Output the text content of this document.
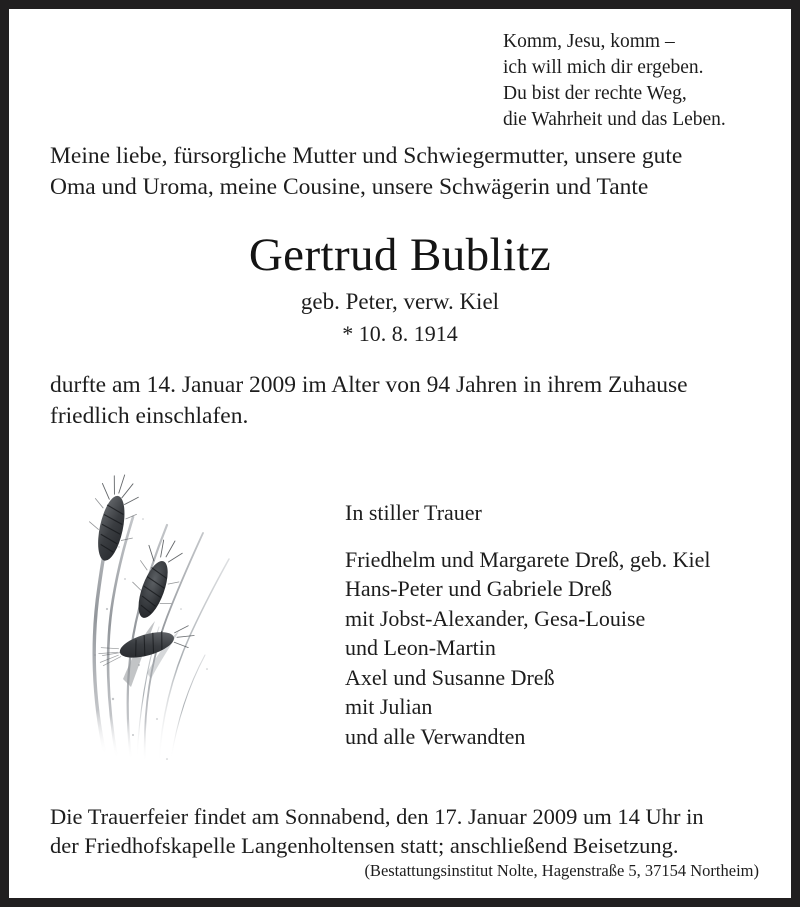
Komm, Jesu, komm –
ich will mich dir ergeben.
Du bist der rechte Weg,
die Wahrheit und das Leben.
Meine liebe, fürsorgliche Mutter und Schwiegermutter, unsere gute
Oma und Uroma, meine Cousine, unsere Schwägerin und Tante
Gertrud Bublitz
geb. Peter, verw. Kiel
* 10. 8. 1914
durfte am 14. Januar 2009 im Alter von 94 Jahren in ihrem Zuhause
friedlich einschlafen.
In stiller Trauer
Friedhelm und Margarete Dreß, geb. Kiel
Hans-Peter und Gabriele Dreß
mit Jobst-Alexander, Gesa-Louise
und Leon-Martin
Axel und Susanne Dreß
mit Julian
und alle Verwandten
Die Trauerfeier findet am Sonnabend, den 17. Januar 2009 um 14 Uhr in
der Friedhofskapelle Langenholtensen statt; anschließend Beisetzung.
(Bestattungsinstitut Nolte, Hagenstraße 5, 37154 Northeim)
